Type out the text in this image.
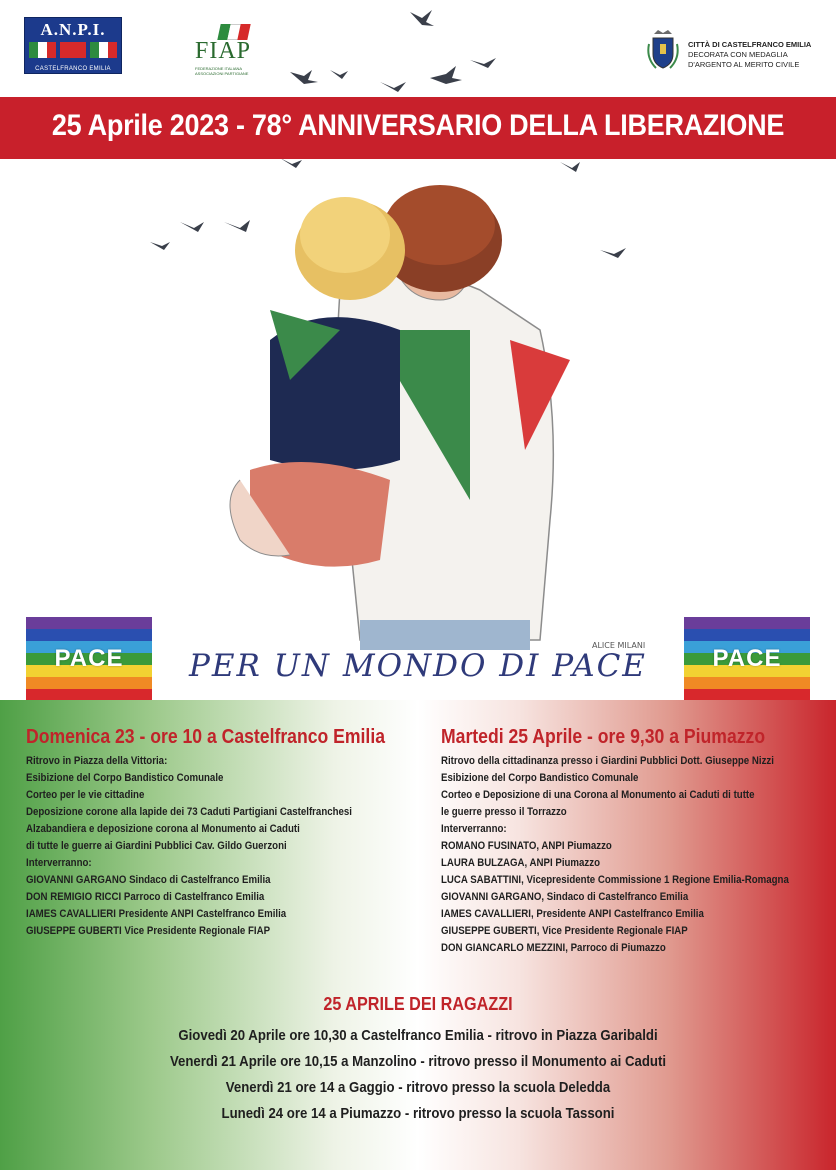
ALICE MILANI
A.N.P.I.
CASTELFRANCO EMILIA
FIAP
FEDERAZIONE ITALIANA ASSOCIAZIONI PARTIGIANE
CITTÀ DI CASTELFRANCO EMILIA
DECORATA CON MEDAGLIA
D'ARGENTO AL MERITO CIVILE
25 Aprile 2023 - 78° ANNIVERSARIO DELLA LIBERAZIONE
PACE	PACE
PER UN MONDO DI PACE
Domenica 23 - ore 10 a Castelfranco Emilia
Ritrovo in Piazza della Vittoria:
Esibizione del Corpo Bandistico Comunale
Corteo per le vie cittadine
Deposizione corone alla lapide dei 73 Caduti Partigiani Castelfranchesi
Alzabandiera e deposizione corona al Monumento ai Caduti
di tutte le guerre ai Giardini Pubblici Cav. Gildo Guerzoni
Interverranno:
GIOVANNI GARGANO Sindaco di Castelfranco Emilia
DON REMIGIO RICCI Parroco di Castelfranco Emilia
IAMES CAVALLIERI Presidente ANPI Castelfranco Emilia
GIUSEPPE GUBERTI Vice Presidente Regionale FIAP
Martedi 25 Aprile - ore 9,30 a Piumazzo
Ritrovo della cittadinanza presso i Giardini Pubblici Dott. Giuseppe Nizzi
Esibizione del Corpo Bandistico Comunale
Corteo e Deposizione di una Corona al Monumento ai Caduti di tutte
le guerre presso il Torrazzo
Interverranno:
ROMANO FUSINATO, ANPI Piumazzo
LAURA BULZAGA, ANPI Piumazzo
LUCA SABATTINI, Vicepresidente Commissione 1 Regione Emilia-Romagna
GIOVANNI GARGANO, Sindaco di Castelfranco Emilia
IAMES CAVALLIERI, Presidente ANPI Castelfranco Emilia
GIUSEPPE GUBERTI, Vice Presidente Regionale FIAP
DON GIANCARLO MEZZINI, Parroco di Piumazzo
25 APRILE DEI RAGAZZI
Giovedì 20 Aprile ore 10,30 a Castelfranco Emilia - ritrovo in Piazza Garibaldi
Venerdì 21 Aprile ore 10,15 a Manzolino - ritrovo presso il Monumento ai Caduti
Venerdì 21 ore 14 a Gaggio - ritrovo presso la scuola Deledda
Lunedì 24 ore 14 a Piumazzo - ritrovo presso la scuola Tassoni
